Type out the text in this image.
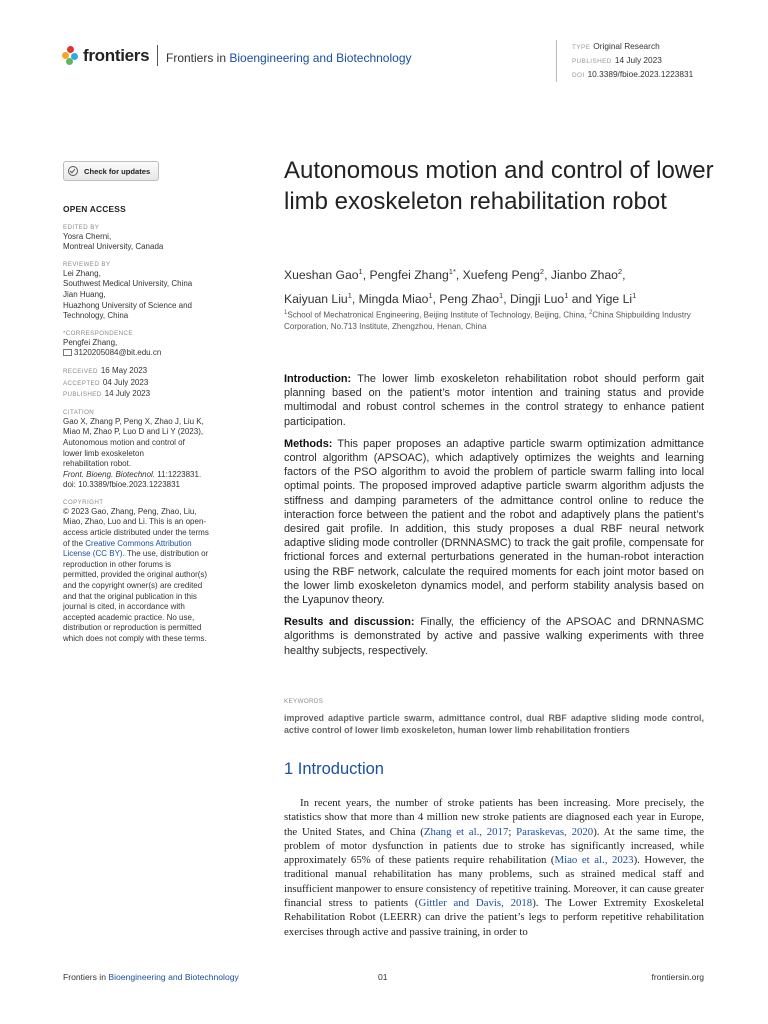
frontiers Frontiers in Bioengineering and Biotechnology
TYPE Original Research
PUBLISHED 14 July 2023
DOI 10.3389/fbioe.2023.1223831
Check for updates
OPEN ACCESS
EDITED BY
Yosra Cherni,
Montreal University, Canada
REVIEWED BY
Lei Zhang,
Southwest Medical University, China
Jian Huang,
Huazhong University of Science and
Technology, China
*CORRESPONDENCE
Pengfei Zhang,
3120205084@bit.edu.cn
RECEIVED 16 May 2023
ACCEPTED 04 July 2023
PUBLISHED 14 July 2023
CITATION
Gao X, Zhang P, Peng X, Zhao J, Liu K,
Miao M, Zhao P, Luo D and Li Y (2023),
Autonomous motion and control of
lower limb exoskeleton
rehabilitation robot.
Front. Bioeng. Biotechnol. 11:1223831.
doi: 10.3389/fbioe.2023.1223831
COPYRIGHT
© 2023 Gao, Zhang, Peng, Zhao, Liu,
Miao, Zhao, Luo and Li. This is an open-
access article distributed under the terms
of the Creative Commons Attribution
License (CC BY). The use, distribution or
reproduction in other forums is
permitted, provided the original author(s)
and the copyright owner(s) are credited
and that the original publication in this
journal is cited, in accordance with
accepted academic practice. No use,
distribution or reproduction is permitted
which does not comply with these terms.
Autonomous motion and control of lower limb exoskeleton rehabilitation robot
Xueshan Gao$^1$, Pengfei Zhang$^{1*}$, Xuefeng Peng$^2$, Jianbo Zhao$^2$,
Kaiyuan Liu$^1$, Mingda Miao$^1$, Peng Zhao$^1$, Dingji Luo$^1$ and Yige Li$^1$
$^1$School of Mechatronical Engineering, Beijing Institute of Technology, Beijing, China, $^2$China Shipbuilding Industry Corporation, No.713 Institute, Zhengzhou, Henan, China

Introduction: The lower limb exoskeleton rehabilitation robot should perform gait planning based on the patient’s motor intention and training status and provide multimodal and robust control schemes in the control strategy to enhance patient participation.

Methods: This paper proposes an adaptive particle swarm optimization admittance control algorithm (APSOAC), which adaptively optimizes the weights and learning factors of the PSO algorithm to avoid the problem of particle swarm falling into local optimal points. The proposed improved adaptive particle swarm algorithm adjusts the stiffness and damping parameters of the admittance control online to reduce the interaction force between the patient and the robot and adaptively plans the patient’s desired gait profile. In addition, this study proposes a dual RBF neural network adaptive sliding mode controller (DRNNASMC) to track the gait profile, compensate for frictional forces and external perturbations generated in the human-robot interaction using the RBF network, calculate the required moments for each joint motor based on the lower limb exoskeleton dynamics model, and perform stability analysis based on the Lyapunov theory.

Results and discussion: Finally, the efficiency of the APSOAC and DRNNASMC algorithms is demonstrated by active and passive walking experiments with three healthy subjects, respectively.

KEYWORDS
improved adaptive particle swarm, admittance control, dual RBF adaptive sliding mode control, active control of lower limb exoskeleton, human lower limb rehabilitation frontiers
1 Introduction
In recent years, the number of stroke patients has been increasing. More precisely, the statistics show that more than 4 million new stroke patients are diagnosed each year in Europe, the United States, and China (Zhang et al., 2017; Paraskevas, 2020). At the same time, the problem of motor dysfunction in patients due to stroke has significantly increased, while approximately 65% of these patients require rehabilitation (Miao et al., 2023). However, the traditional manual rehabilitation has many problems, such as strained medical staff and insufficient manpower to ensure consistency of repetitive training. Moreover, it can cause greater financial stress to patients (Gittler and Davis, 2018). The Lower Extremity Exoskeletal Rehabilitation Robot (LEERR) can drive the patient’s legs to perform repetitive rehabilitation exercises through active and passive training, in order to
Frontiers in Bioengineering and Biotechnology	01	frontiersin.org
